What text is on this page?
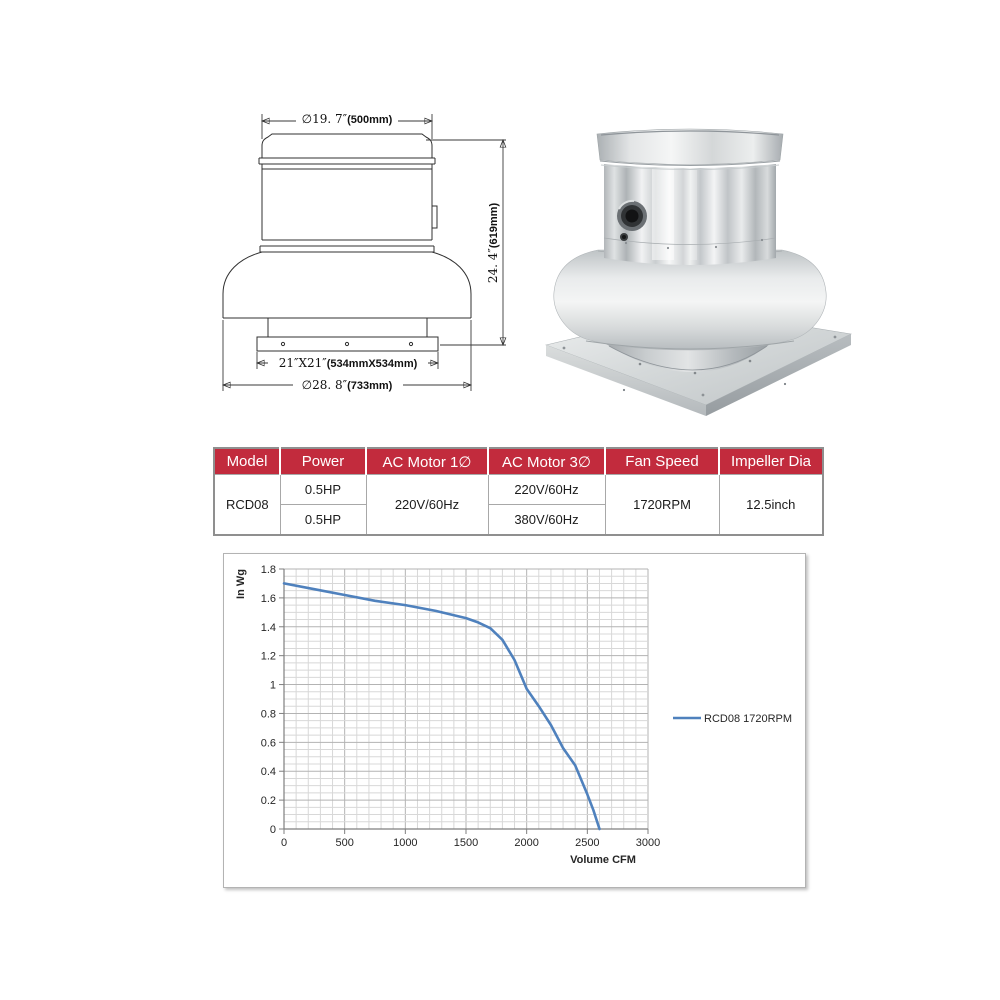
∅19. 7″(500mm)
21″X21″(534mmX534mm)
∅28. 8″(733mm)
24. 4″(619mm)
Model	Power	AC Motor 1∅	AC Motor 3∅	Fan Speed	Impeller Dia
RCD08	0.5HP	220V/60Hz	220V/60Hz	1720RPM	12.5inch
	0.5HP		380V/60Hz		
0
0.2
0.4
0.6
0.8
1
1.2
1.4
1.6
1.8
0	500	1000	1500	2000	2500	3000
In Wg
Volume CFM
RCD08 1720RPM
